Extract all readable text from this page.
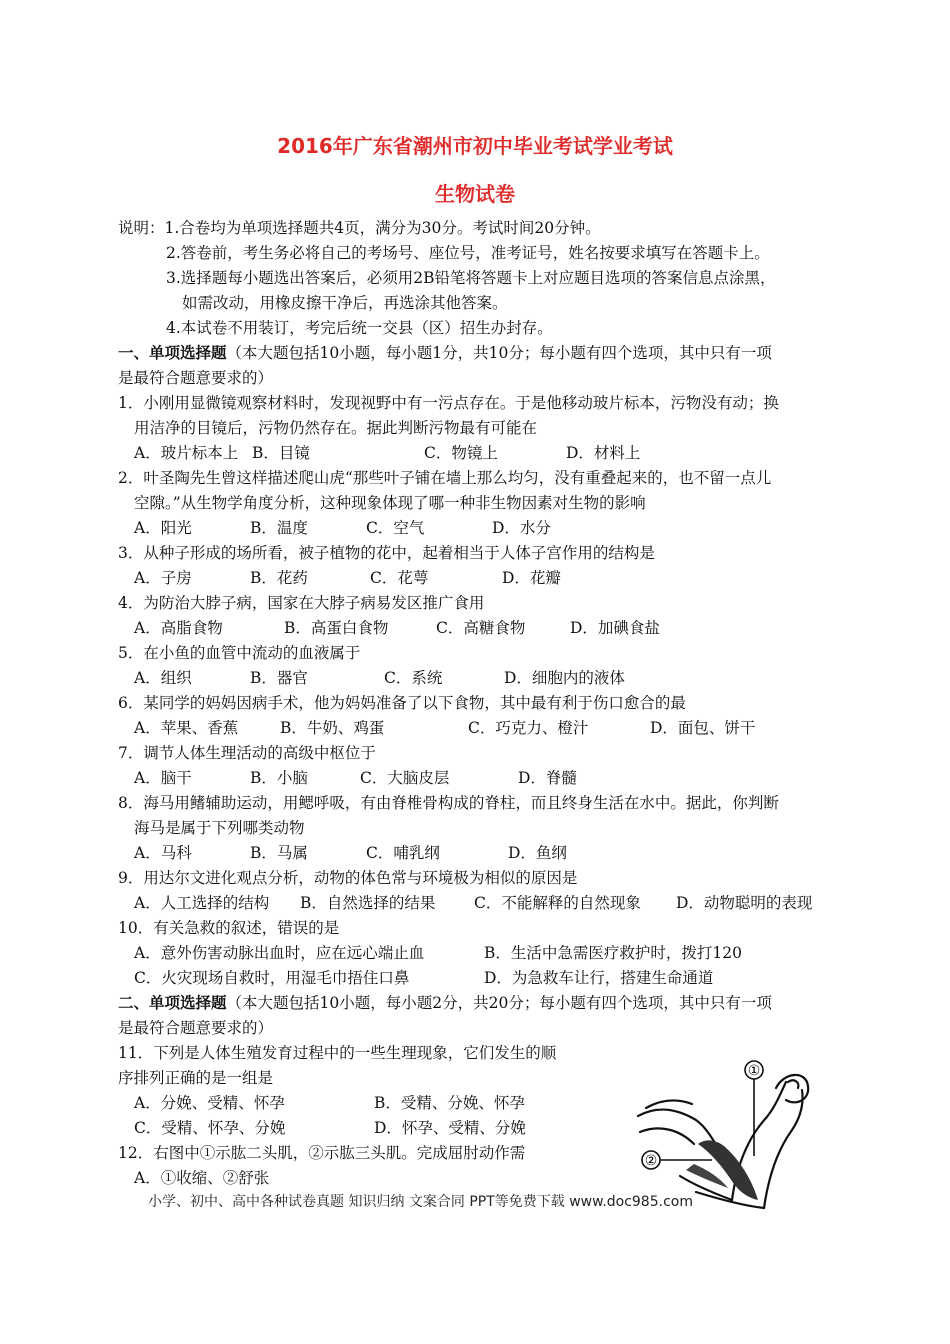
2016年广东省潮州市初中毕业考试学业考试
生物试卷
说明：1.合卷均为单项选择题共4页，满分为30分。考试时间20分钟。
2.答卷前，考生务必将自己的考场号、座位号，准考证号，姓名按要求填写在答题卡上。
3.选择题每小题选出答案后，必须用2B铅笔将答题卡上对应题目选项的答案信息点涂黑，
如需改动，用橡皮擦干净后，再选涂其他答案。
4.本试卷不用装订，考完后统一交县（区）招生办封存。
一、单项选择题（本大题包括10小题，每小题1分，共10分；每小题有四个选项，其中只有一项
是最符合题意要求的）
1．小刚用显微镜观察材料时，发现视野中有一污点存在。于是他移动玻片标本，污物没有动；换
用洁净的目镜后，污物仍然存在。据此判断污物最有可能在
A．玻片标本上 B．目镜	C．物镜上	D．材料上
2．叶圣陶先生曾这样描述爬山虎“那些叶子铺在墙上那么均匀，没有重叠起来的，也不留一点儿
空隙。”从生物学角度分析，这种现象体现了哪一种非生物因素对生物的影响
A．阳光	B．温度	C．空气	D．水分
3．从种子形成的场所看，被子植物的花中，起着相当于人体子宫作用的结构是
A．子房	B．花药	C．花萼	D．花瓣
4．为防治大脖子病，国家在大脖子病易发区推广食用
A．高脂食物	B．高蛋白食物	C．高糖食物	D．加碘食盐
5．在小鱼的血管中流动的血液属于
A．组织	B．器官	C．系统	D．细胞内的液体
6．某同学的妈妈因病手术，他为妈妈准备了以下食物，其中最有利于伤口愈合的最
A．苹果、香蕉	B．牛奶、鸡蛋	C．巧克力、橙汁	D．面包、饼干
7．调节人体生理活动的高级中枢位于
A．脑干	B．小脑	C．大脑皮层	D．脊髓
8．海马用鳍辅助运动，用鳃呼吸，有由脊椎骨构成的脊柱，而且终身生活在水中。据此，你判断
海马是属于下列哪类动物
A．马科	B．马属	C．哺乳纲	D．鱼纲
9．用达尔文进化观点分析，动物的体色常与环境极为相似的原因是
A．人工选择的结构 B．自然选择的结果 C．不能解释的自然现象 D．动物聪明的表现
10．有关急救的叙述，错误的是
A．意外伤害动脉出血时，应在远心端止血	B．生活中急需医疗救护时，拨打120
C．火灾现场自救时，用湿毛巾捂住口鼻	D．为急救车让行，搭建生命通道
二、单项选择题（本大题包括10小题，每小题2分，共20分；每小题有四个选项，其中只有一项
是最符合题意要求的）
11．下列是人体生殖发育过程中的一些生理现象，它们发生的顺
序排列正确的是一组是
A．分娩、受精、怀孕	B．受精、分娩、怀孕
C．受精、怀孕、分娩	D．怀孕、受精、分娩
12．右图中①示肱二头肌，②示肱三头肌。完成屈肘动作需
A．①收缩、②舒张
①
②
小学、初中、高中各种试卷真题 知识归纳 文案合同 PPT等免费下载 www.doc985.com
